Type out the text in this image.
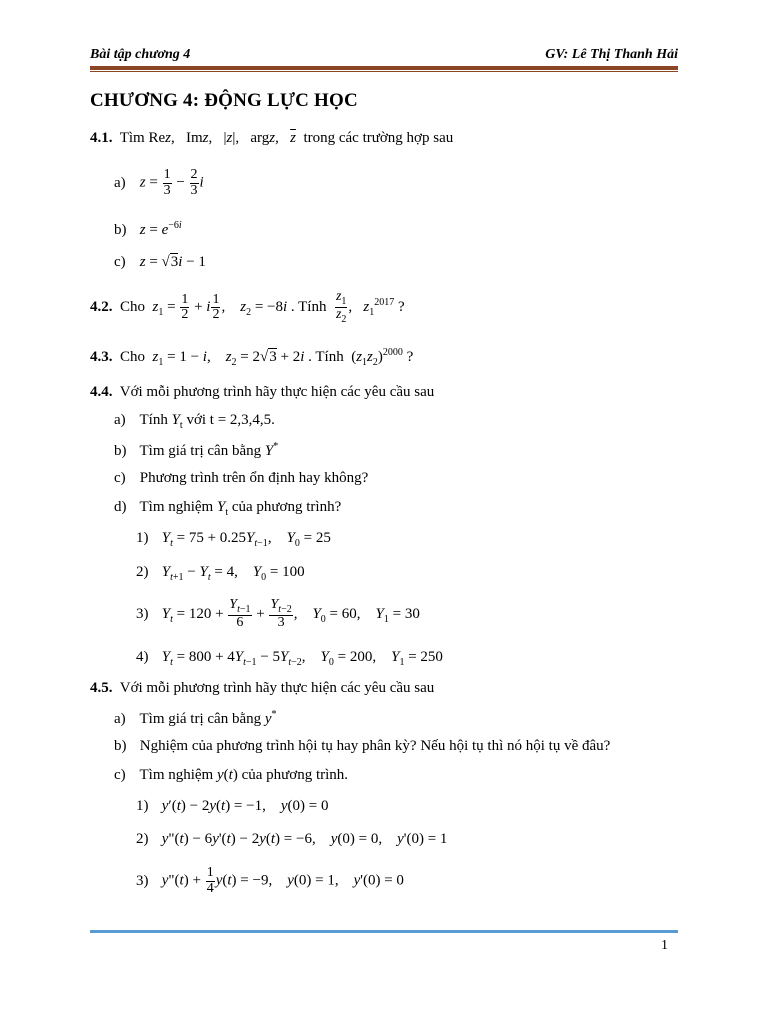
Bài tập chương 4	GV: Lê Thị Thanh Hải
CHƯƠNG 4: ĐỘNG LỰC HỌC
4.1.  Tìm Rez,   Imz,   |z|,   argz,   $\overline{z}$ trong các trường hợp sau
a) $z = \frac{1}{3} - \frac{2}{3}$ i
b) $z = e^{-6i}$
c) z = √3i − 1
4.2. Cho $z_1 = \frac{1}{2} + i \frac{1}{2}$ ,    $z_2 = -8i$ . Tính $\frac{z_1}{z_2}$ ,   $z_1^{2017}$ ?
4.3. Cho $z_1 = 1 - i$,    $z_2 = 2√3 + 2i$ . Tính  $(z_1z_2)^{2000}$ ?
4.4. Với mỗi phương trình hãy thực hiện các yêu cầu sau
a) Tính $Y_t$ với t = 2,3,4,5.
b) Tìm giá trị cân bằng Y*
c) Phương trình trên ổn định hay không?
d) Tìm nghiệm $Y_t$ của phương trình?
1) $Y_t = 75 + 0.25Y_{t-1}$,    $Y_0 = 25$
2) $Y_{t+1} - Y_t = 4$,    $Y_0 = 100$
3) $Y_t = 120 + \frac{Y_{t-1}}{6} + \frac{Y_{t-2}}{3}$ ,    $Y_0 = 60$,    $Y_1 = 30$
4) $Y_t = 800 + 4Y_{t-1} - 5Y_{t-2}$,    $Y_0 = 200$,    $Y_1 = 250$
4.5. Với mỗi phương trình hãy thực hiện các yêu cầu sau
a) Tìm giá trị cân bằng y*
b) Nghiệm của phương trình hội tụ hay phân kỳ? Nếu hội tụ thì nó hội tụ về đâu?
c) Tìm nghiệm y(t) của phương trình.
1) y′(t) − 2y(t) = −1,    y(0) = 0
2) y"(t) − 6y'(t) − 2y(t) = −6,    y(0) = 0,    y'(0) = 1
3) y"(t) + $\frac{1}{4} y(t) = -9$,    y(0) = 1,    y'(0) = 0
1
